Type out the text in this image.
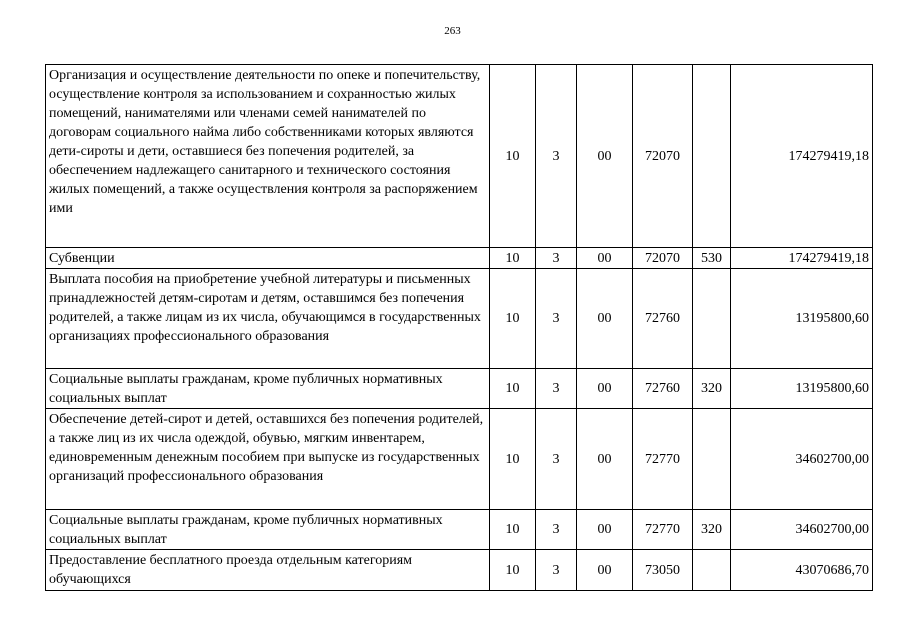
263
Организация и осуществление деятельности по опеке и попечительству, осуществление контроля за использованием и сохранностью жилых помещений, нанимателями или членами семей нанимателей по договорам социального найма либо собственниками которых являются дети-сироты и дети, оставшиеся без попечения родителей, за обеспечением надлежащего санитарного и технического состояния жилых помещений, а также осуществления контроля за распоряжением ими	10	3	00	72070		174279419,18
Субвенции	10	3	00	72070	530	174279419,18
Выплата пособия на приобретение учебной литературы и письменных принадлежностей детям-сиротам и детям, оставшимся без попечения родителей, а также лицам из их числа, обучающимся в государственных организациях профессионального образования	10	3	00	72760		13195800,60
Социальные выплаты гражданам, кроме публичных нормативных социальных выплат	10	3	00	72760	320	13195800,60
Обеспечение детей-сирот и детей, оставшихся без попечения родителей, а также лиц из их числа одеждой, обувью, мягким инвентарем, единовременным денежным пособием при выпуске из государственных организаций профессионального образования	10	3	00	72770		34602700,00
Социальные выплаты гражданам, кроме публичных нормативных социальных выплат	10	3	00	72770	320	34602700,00
Предоставление бесплатного проезда отдельным категориям обучающихся	10	3	00	73050		43070686,70
